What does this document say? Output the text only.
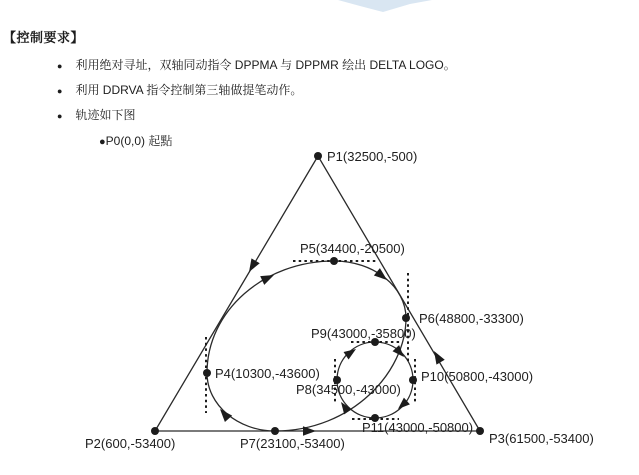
【控制要求】
● 利用绝对寻址，双轴同动指令 DPPMA 与 DPPMR 绘出 DELTA LOGO。
● 利用 DDRVA 指令控制第三轴做提笔动作。
● 轨迹如下图
●P0(0,0) 起點
P1(32500,-500)
P2(600,-53400)	P3(61500,-53400)
P4(10300,-43600)
P5(34400,-20500)
P6(48800,-33300)
P7(23100,-53400)
P8(34500,-43000)
P9(43000,-35800)
P10(50800,-43000)
P11(43000,-50800)
